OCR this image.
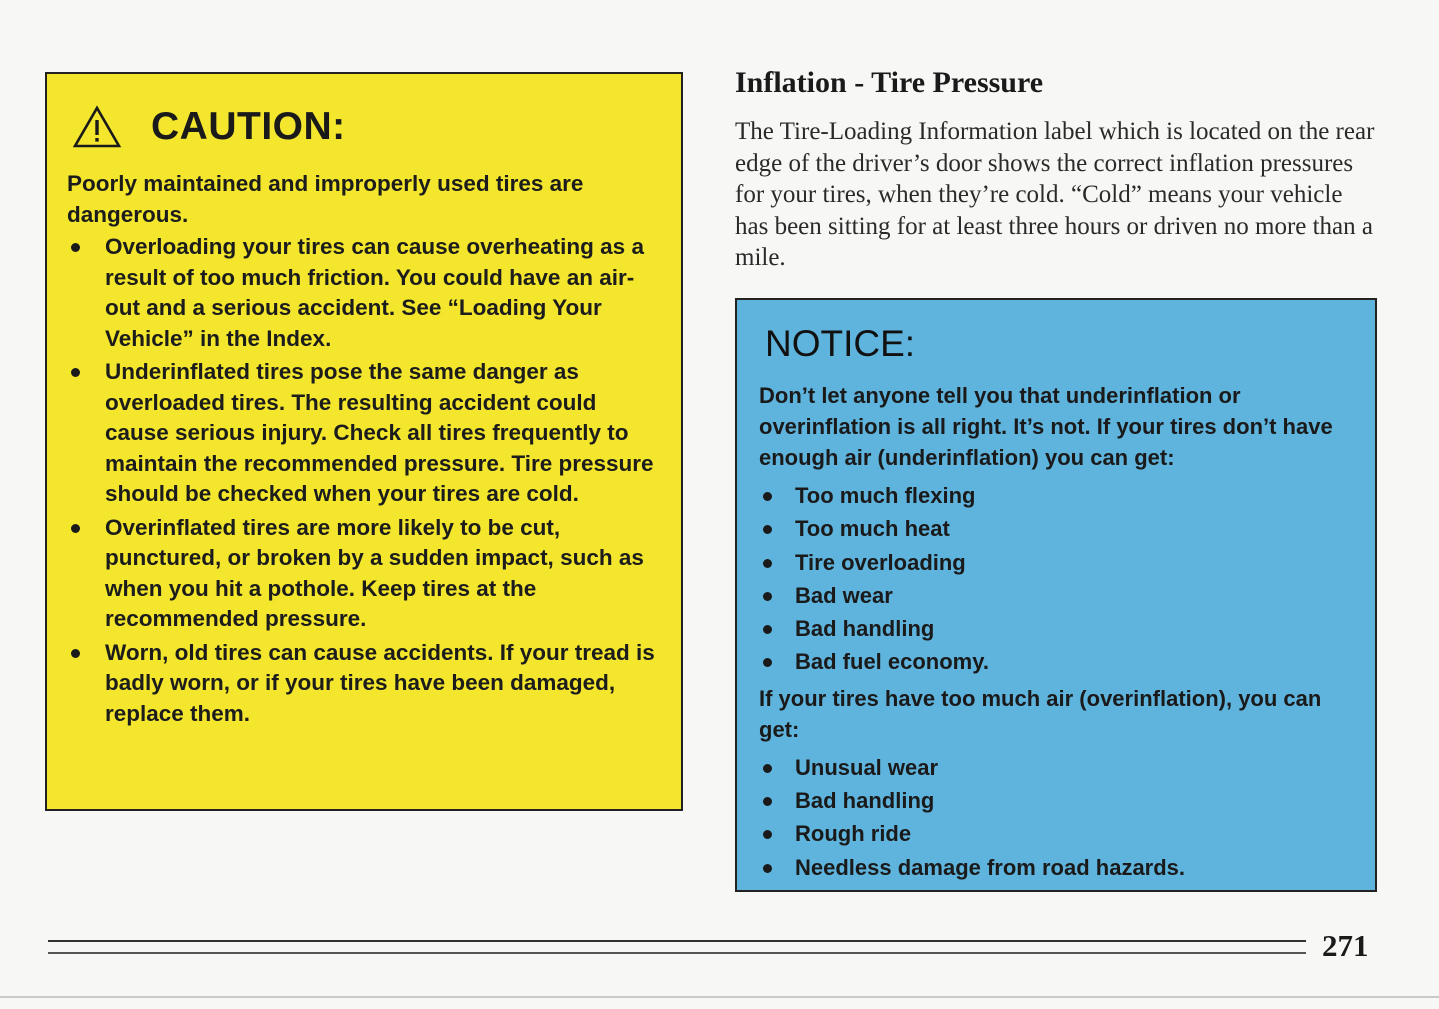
CAUTION:

Poorly maintained and improperly used tires are dangerous.

Overloading your tires can cause overheating as a result of too much friction. You could have an air-out and a serious accident. See “Loading Your Vehicle” in the Index.
Underinflated tires pose the same danger as overloaded tires. The resulting accident could cause serious injury. Check all tires frequently to maintain the recommended pressure. Tire pressure should be checked when your tires are cold.
Overinflated tires are more likely to be cut, punctured, or broken by a sudden impact, such as when you hit a pothole. Keep tires at the recommended pressure.
Worn, old tires can cause accidents. If your tread is badly worn, or if your tires have been damaged, replace them.
Inflation - Tire Pressure

The Tire-Loading Information label which is located on the rear edge of the driver’s door shows the correct inflation pressures for your tires, when they’re cold. “Cold” means your vehicle has been sitting for at least three hours or driven no more than a mile.

NOTICE:

Don’t let anyone tell you that underinflation or overinflation is all right. It’s not. If your tires don’t have enough air (underinflation) you can get:

Too much flexing
Too much heat
Tire overloading
Bad wear
Bad handling
Bad fuel economy.

If your tires have too much air (overinflation), you can get:

Unusual wear
Bad handling
Rough ride
Needless damage from road hazards.
271
